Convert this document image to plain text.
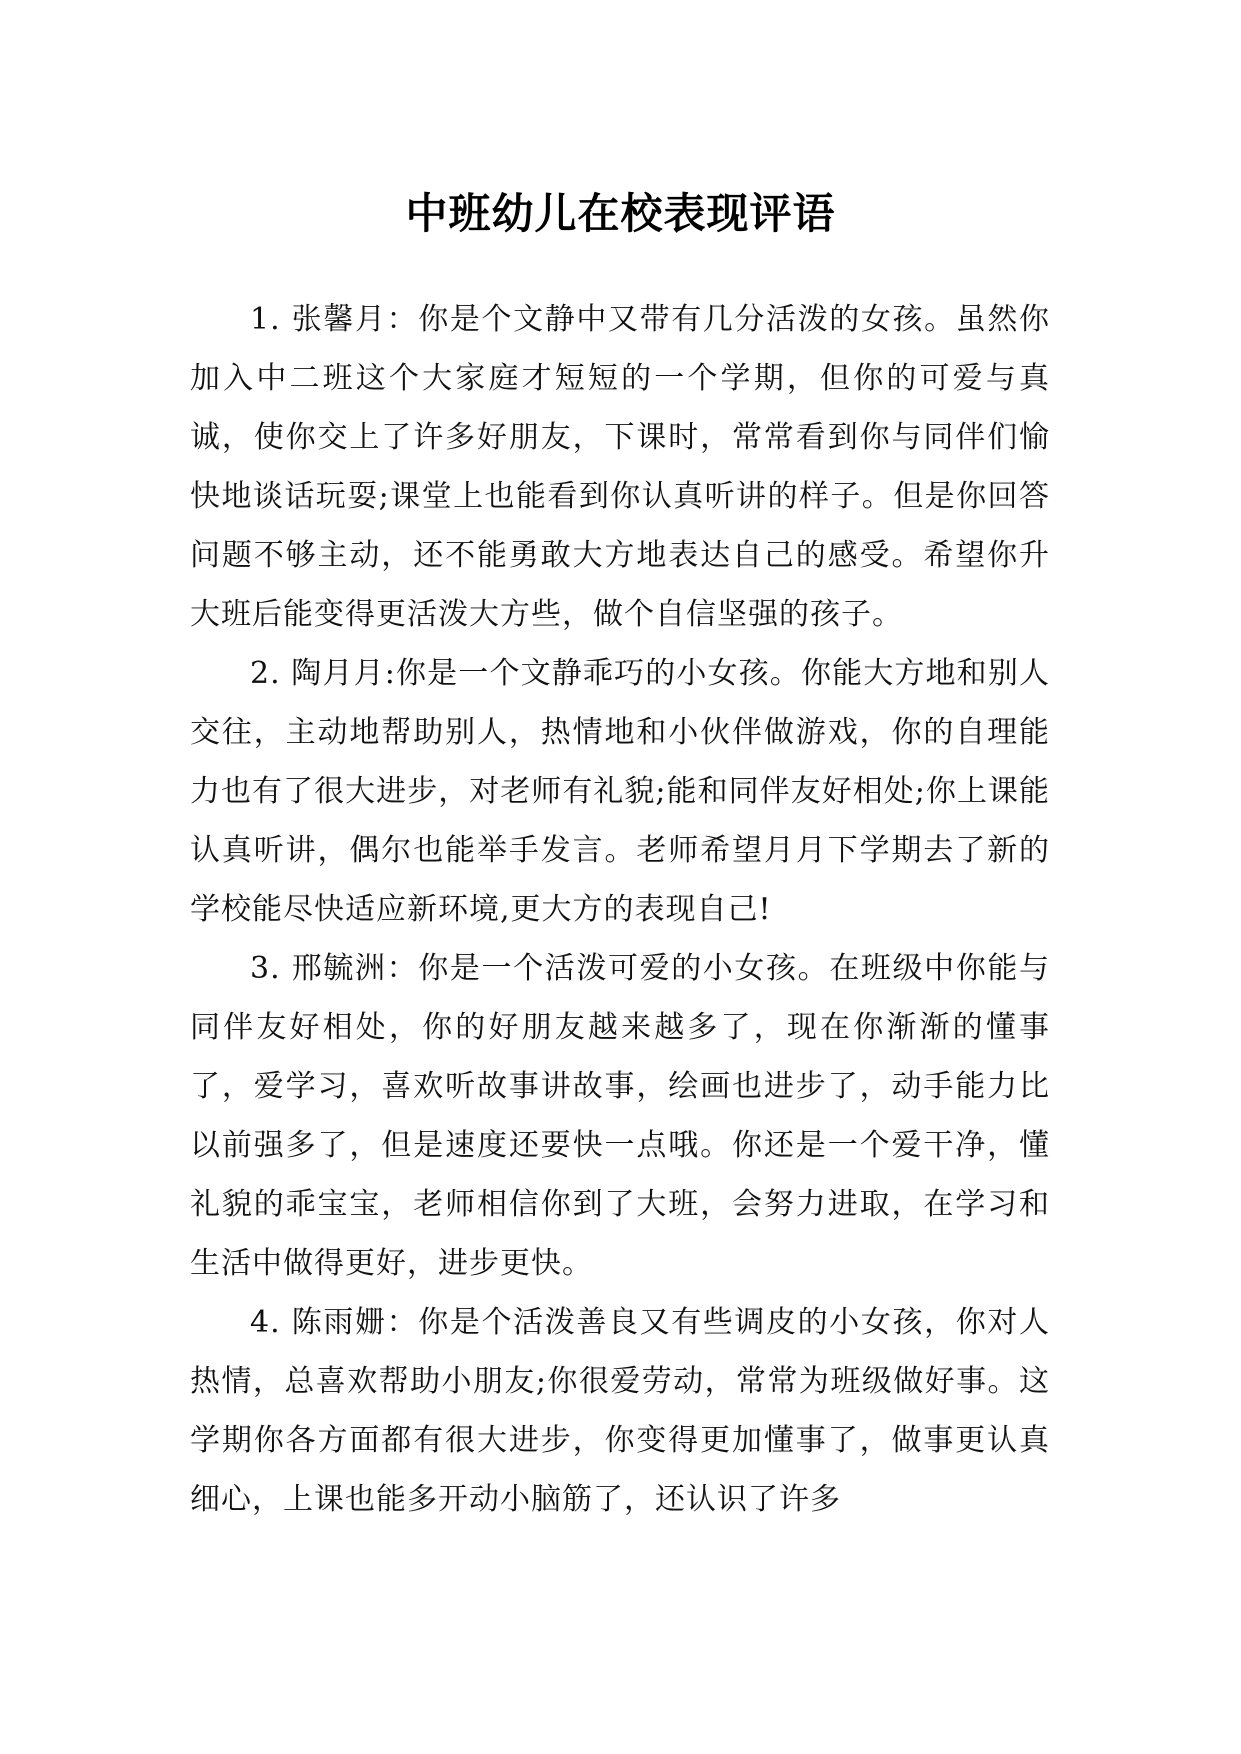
中班幼儿在校表现评语

1. 张馨月：你是个文静中又带有几分活泼的女孩。虽然你加入中二班这个大家庭才短短的一个学期，但你的可爱与真诚，使你交上了许多好朋友，下课时，常常看到你与同伴们愉快地谈话玩耍;课堂上也能看到你认真听讲的样子。但是你回答问题不够主动，还不能勇敢大方地表达自己的感受。希望你升大班后能变得更活泼大方些，做个自信坚强的孩子。

2. 陶月月:你是一个文静乖巧的小女孩。你能大方地和别人交往，主动地帮助别人，热情地和小伙伴做游戏，你的自理能力也有了很大进步，对老师有礼貌;能和同伴友好相处;你上课能认真听讲，偶尔也能举手发言。老师希望月月下学期去了新的学校能尽快适应新环境,更大方的表现自己!

3. 邢毓洲：你是一个活泼可爱的小女孩。在班级中你能与同伴友好相处，你的好朋友越来越多了，现在你渐渐的懂事了，爱学习，喜欢听故事讲故事，绘画也进步了，动手能力比以前强多了，但是速度还要快一点哦。你还是一个爱干净，懂礼貌的乖宝宝，老师相信你到了大班，会努力进取，在学习和生活中做得更好，进步更快。

4. 陈雨姗：你是个活泼善良又有些调皮的小女孩，你对人热情，总喜欢帮助小朋友;你很爱劳动，常常为班级做好事。这学期你各方面都有很大进步，你变得更加懂事了，做事更认真细心，上课也能多开动小脑筋了，还认识了许多
